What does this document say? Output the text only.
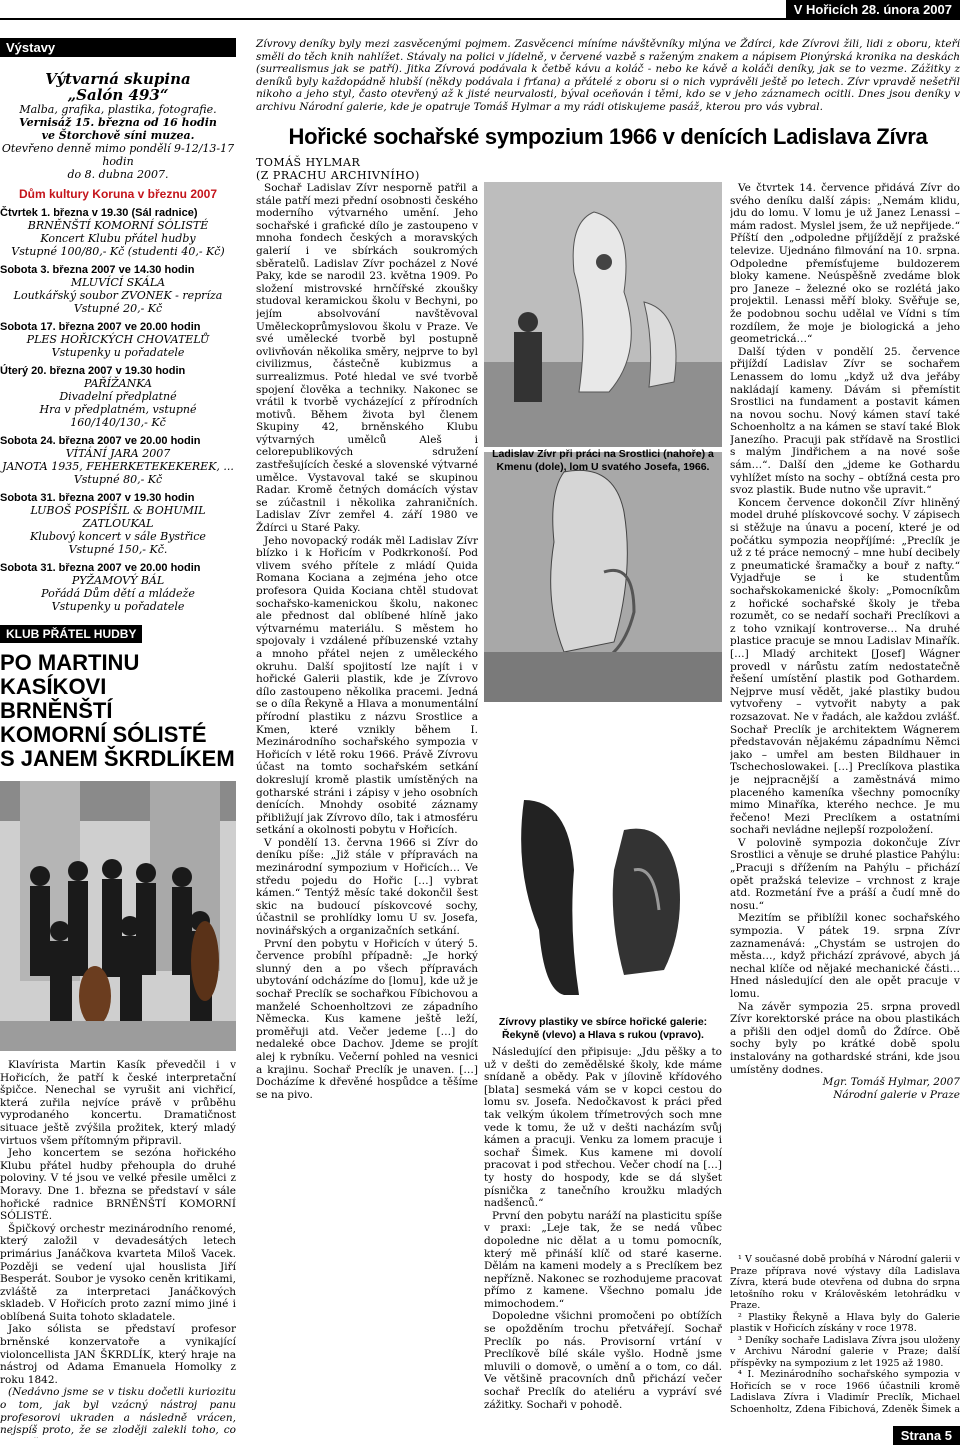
V Hořicích 28. února 2007
Výstavy
Výtvarná skupina
„Salón 493“
Malba, grafika, plastika, fotografie.
Vernisáž 15. března od 16 hodin
ve Štorchově síni muzea.
Otevřeno denně mimo pondělí 9-12/13-17 hodin
do 8. dubna 2007.
Dům kultury Koruna v březnu 2007
Čtvrtek 1. března v 19.30 (Sál radnice)
BRNĚNŠTÍ KOMORNÍ SÓLISTÉ
Koncert Klubu přátel hudby
Vstupné 100/80,- Kč (studenti 40,- Kč)
Sobota 3. března 2007 ve 14.30 hodin
MLUVÍCÍ SKÁLA
Loutkářský soubor ZVONEK - repríza
Vstupné 20,- Kč
Sobota 17. března 2007 ve 20.00 hodin
PLES HOŘICKÝCH CHOVATELŮ
Vstupenky u pořadatele
Úterý 20. března 2007 v 19.30 hodin
PAŘÍŽANKA
Divadelní předplatné
Hra v předplatném, vstupné 160/140/130,- Kč
Sobota 24. března 2007 ve 20.00 hodin
VÍTÁNÍ JARA 2007
JANOTA 1935, FEHERKETEKEKEREK, ...
Vstupné 80,- Kč
Sobota 31. března 2007 v 19.30 hodin
LUBOŠ POSPÍŠIL & BOHUMIL ZATLOUKAL
Klubový koncert v sále Bystřice
Vstupné 150,- Kč.
Sobota 31. března 2007 ve 20.00 hodin
PYŽAMOVÝ BÁL
Pořádá Dům dětí a mládeže
Vstupenky u pořadatele
KLUB PŘÁTEL HUDBY
PO MARTINU KASÍKOVI
BRNĚNŠTÍ
KOMORNÍ SÓLISTÉ
S JANEM ŠKRDLÍKEM

Klavírista Martin Kasík převedčil i v Hořicích, že patří k české interpretační špičce. Nenechal se vyrušit ani vichřicí, která zuřila nejvíce právě v průběhu vyprodaného koncertu. Dramatičnost situace ještě zvýšila prožitek, který mladý virtuos všem přítomným připravil.

Jeho koncertem se sezóna hořického Klubu přátel hudby přehoupla do druhé poloviny. V té jsou ve velké přesile umělci z Moravy. Dne 1. března se představí v sále hořické radnice BRNĚNŠTÍ KOMORNÍ SÓLISTÉ.

Špičkový orchestr mezinárodního renomé, který založil v devadesátých letech primárius Janáčkova kvarteta Miloš Vacek. Později se vedení ujal houslista Jiří Besperát. Soubor je vysoko ceněn kritikami, zvláště za interpretaci Janáčkových skladeb. V Hořicích proto zazní mimo jiné i oblíbená Suita tohoto skladatele.

Jako sólista se představí profesor brněnské konzervatoře a vynikající violoncellista JAN ŠKRDLÍK, který hraje na nástroj od Adama Emanuela Homolky z roku 1842.

(Nedávno jsme se v tisku dočetli kuriozitu o tom, jak byl vzácný nástroj panu profesorovi ukraden a následně vrácen, nejspíš proto, že se zloději zalekli toho, co

Zívrovy deníky byly mezi zasvěcenými pojmem. Zasvěcenci míníme návštěvníky mlýna ve Ždírci, kde Zívrovi žili, lidi z oboru, kteří směli do těch knih nahlížet. Stávaly na polici v jídelně, v červené vazbě s raženým znakem a nápisem Pionýrská kronika na deskách (surrealismus jak se patří). Jitka Zívrová podávala k četbě kávu a koláč - nebo ke kávě a koláči deníky, jak se to vezme. Zážitky z deníků byly každopádně hlubší (někdy podávala i frťana) a přátelé z oboru si o nich vyprávěli ještě po letech. Zívr vpravdě nešetřil nikoho a jeho styl, často otevřený až k jisté neurvalosti, býval oceňován i těmi, kdo se v jeho záznamech ocitli. Dnes jsou deníky v archivu Národní galerie, kde je opatruje Tomáš Hylmar a my rádi otiskujeme pasáž, kterou pro vás vybral.
Hořické sochařské sympozium 1966 v denících Ladislava Zívra
TOMÁŠ HYLMAR
(Z PRACHU ARCHIVNÍHO)

Sochař Ladislav Zívr nesporně patřil a stále patří mezi přední osobnosti českého moderního výtvarného umění. Jeho sochařské i grafické dílo je zastoupeno v mnoha fondech českých a moravských galerií i ve sbírkách soukromých sběratelů. Ladislav Zívr pocházel z Nové Paky, kde se narodil 23. května 1909. Po složení mistrovské hrnčířské zkoušky studoval keramickou školu v Bechyni, po jejím absolvování navštěvoval Uměleckoprůmyslovou školu v Praze. Ve své umělecké tvorbě byl postupně ovlivňován několika směry, nejprve to byl civilizmus, částečně kubizmus a surrealizmus. Poté hledal ve své tvorbě spojení člověka a techniky. Nakonec se vrátil k tvorbě vycházející z přírodních motivů. Během života byl členem Skupiny 42, brněnského Klubu výtvarných umělců Aleš i celorepublikových sdružení zastřešujících české a slovenské výtvarné umělce. Vystavoval také se skupinou Radar. Kromě četných domácích výstav se zúčastnil i několika zahraničních. Ladislav Zívr zemřel 4. září 1980 ve Ždírci u Staré Paky.

Jeho novopacký rodák měl Ladislav Zívr blízko i k Hořicím v Podkrkonoší. Pod vlivem svého přítele z mládí Quida Romana Kociana a zejména jeho otce profesora Quida Kociana chtěl studovat sochařsko-kamenickou školu, nakonec ale přednost dal oblíbené hlíně jako výtvarnému materiálu. S městem ho spojovaly i vzdálené příbuzenské vztahy a mnoho přátel nejen z uměleckého okruhu. Další spojitostí lze najít i v hořické Galerii plastik, kde je Zívrovo dílo zastoupeno několika pracemi. Jedná se o díla Řekyně a Hlava a monumentální přírodní plastiku z názvu Srostlice a Kmen, které vznikly během I. Mezinárodního sochařského sympozia v Hořicích v létě roku 1966. Právě Zívrovu účast na tomto sochařském setkání dokreslují kromě plastik umístěných na gotharské stráni i zápisy v jeho osobních denících. Mnohdy osobité záznamy přibližují jak Zívrovo dílo, tak i atmosféru setkání a okolnosti pobytu v Hořicích.

V pondělí 13. června 1966 si Zívr do deníku píše: „Již stále v přípravách na mezinárodní sympozium v Hořicích… Ve středu pojedu do Hořic […] vybrat kámen.“ Tentýž měsíc také dokončil šest skic na budoucí pískovcové sochy, účastnil se prohlídky lomu U sv. Josefa, novinářských a organizačních setkání.

První den pobytu v Hořicích v úterý 5. července probíhl případně: „Je horký slunný den a po všech přípravách ubytování odcházíme do [lomu], kde už je sochař Preclík se sochařkou Fíbichovou a manželé Schoenholtzovi ze západního Německa. Kus kamene ještě leží, proměřuji atd. Večer jedeme […] do nedaleké obce Dachov. Jdeme se projít alej k rybníku. Večerní pohled na vesnici a krajinu. Sochař Preclík je unaven. […] Docházíme k dřevěné hospůdce a těšíme se na pivo.

Ladislav Zívr při práci na Srostlici (nahoře) a Kmenu (dole), lom U svatého Josefa, 1966.
Zívrovy plastiky ve sbírce hořické galerie: Řekyně (vlevo) a Hlava s rukou (vpravo).

Následující den připisuje: „Jdu pěšky a to už v dešti do zemědělské školy, kde máme snídaně a obědy. Pak v jílovině křídového [blata] sesmeká vám se v kopci cestou do lomu sv. Josefa. Nedočkavost k práci před tak velkým úkolem třímetrových soch mne vede k tomu, že už v dešti nacházím svůj kámen a pracuji. Venku za lomem pracuje i sochař Šimek. Kus kamene mi dovolí pracovat i pod střechou. Večer chodí na […] ty hosty do hospody, kde se dá slyšet písnička z tanečního kroužku mladých nadšenců.“

První den pobytu naráží na plasticitu spíše v praxi: „Leje tak, že se nedá vůbec dopoledne nic dělat a u tomu pomocník, který mě přináší klíč od staré kaserne. Dělám na kameni modely a s Preclíkem bez nepřízně. Nakonec se rozhodujeme pracovat přímo z kamene. Všechno pomalu jde mimochodem.“

Dopoledne všichni promočeni po obtížích se opožděním trochu přetvářejí. Sochař Preclík po nás. Provisorní vrtání v Preclíkově bílé skále vyšlo. Hodně jsme mluvili o domově, o umění a o tom, co dál. Ve většině pracovních dnů přichází večer sochař Preclík do ateliéru a vypráví své zážitky. Sochaři v pohodě.

Ve čtvrtek 14. července přidává Zívr do svého deníku další zápis: „Nemám klidu, jdu do lomu. V lomu je už Janez Lenassi – mám radost. Myslel jsem, že už nepřijede.“ Příští den „odpoledne přijíždějí z pražské televize. Ujednáno filmování na 10. srpna. Odpoledne přemísťujeme buldozerem bloky kamene. Neúspěšně zvedáme blok pro Janeze – železné oko se rozlétá jako projektil. Lenassi měří bloky. Svěřuje se, že podobnou sochu udělal ve Vídni s tím rozdílem, že moje je biologická a jeho geometrická…“

Další týden v pondělí 25. července přijíždí Ladislav Zívr se sochařem Lenassem do lomu „když už dva jeřáby nakládají kameny. Dávám si přemístit Srostlici na fundament a postavit kámen na novou sochu. Nový kámen staví také Schoenholtz a na kámen se staví také Blok Janezího. Pracuji pak střídavě na Srostlici s malým Jindřichem a na nové soše sám…“. Další den „jdeme ke Gothardu vyhlížet místo na sochy – obtížná cesta pro svoz plastik. Bude nutno vše upravit.“

Koncem července dokončil Zívr hliněný model druhé plískovcové sochy. V zápisech si stěžuje na únavu a pocení, které je od počátku sympozia neopříjímé: „Preclík je už z té práce nemocný – mne hubí decibely z pneumatické šramačky a bouř z nafty.“ Vyjadřuje se i ke studentům sochařskokamenické školy: „Pomocníkům z hořické sochařské školy je třeba rozumět, co se nedaří sochaři Preclíkovi a z toho vznikají kontroverse… Na druhé plastice pracuje se mnou Ladislav Minařík. […] Mladý architekt [Josef] Wágner provedl v nárůstu zatím nedostatečně řešení umístění plastik pod Gothardem. Nejprve musí vědět, jaké plastiky budou vytvořeny – vytvořit nabyty a pak rozsazovat. Ne v řadách, ale každou zvlášť. Sochař Preclík je architektem Wágnerem představován nějakému západnímu Němci jako – umřel am besten Bildhauer in Tschechoslowakei. […] Preclíkova plastika je nejpracnější a zaměstnává mimo placeného kameníka všechny pomocníky mimo Minaříka, kterého nechce. Je mu řečeno! Mezi Preclíkem a ostatními sochaři nevládne nejlepší rozpoložení.

V polovině sympozia dokončuje Zívr Srostlici a věnuje se druhé plastice Pahýlu: „Pracuji s dřížením na Pahýlu – přichází opět pražská televize – vrchnost z kraje atd. Rozmetání řve a práší a čudí mně do nosu.“

Mezitím se přiblížil konec sochařského sympozia. V pátek 19. srpna Zívr zaznamenává: „Chystám se ustrojen do města…, když přichází zprávové, abych já nechal klíče od nějaké mechanické části… Hned následující den ale opět pracuje v lomu.

Na závěr sympozia 25. srpna provedl Zívr korektorské práce na obou plastikách a přišli den odjel domů do Ždírce. Obě sochy byly po krátké době spolu instalovány na gothardské stráni, kde jsou umístěny dodnes.

Mgr. Tomáš Hylmar, 2007
Národní galerie v Praze

¹ V současné době probíhá v Národní galerii v Praze příprava nové výstavy díla Ladislava Zívra, která bude otevřena od dubna do srpna letošního roku v Králověském letohrádku v Praze.

² Plastiky Řekyně a Hlava byly do Galerie plastik v Hořicích získány v roce 1978.

³ Deníky sochaře Ladislava Zívra jsou uloženy v Archivu Národní galerie v Praze; další příspěvky na sympozium z let 1925 až 1980.

⁴ I. Mezinárodního sochařského sympozia v Hořicích se v roce 1966 účastnili kromě Ladislava Zívra i Vladimír Preclík, Michael Schoenholtz, Zdena Fibichová, Zdeněk Šimek a

Strana 5
